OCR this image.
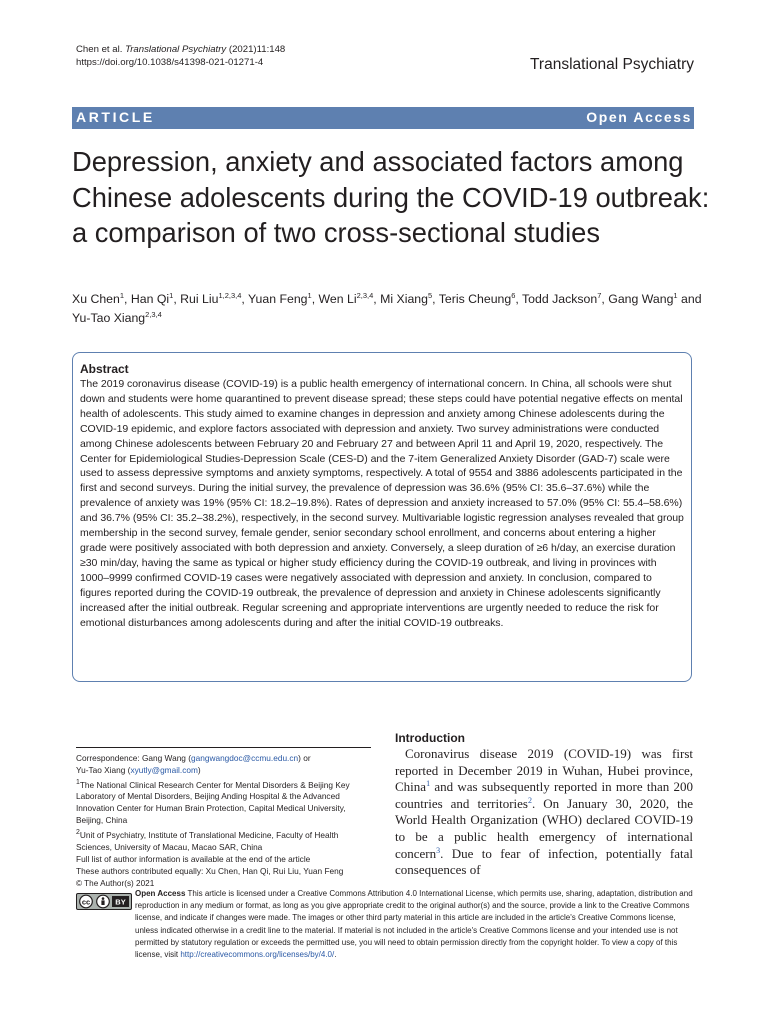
Chen et al. Translational Psychiatry (2021)11:148
https://doi.org/10.1038/s41398-021-01271-4	Translational Psychiatry
ARTICLE	Open Access
Depression, anxiety and associated factors among Chinese adolescents during the COVID-19 outbreak: a comparison of two cross-sectional studies
Xu Chen$^1$, Han Qi$^1$, Rui Liu$^{1,2,3,4}$, Yuan Feng$^1$, Wen Li$^{2,3,4}$, Mi Xiang$^5$, Teris Cheung$^6$, Todd Jackson$^7$, Gang Wang$^1$ and Yu-Tao Xiang$^{2,3,4}$
Abstract

The 2019 coronavirus disease (COVID-19) is a public health emergency of international concern. In China, all schools were shut down and students were home quarantined to prevent disease spread; these steps could have potential negative effects on mental health of adolescents. This study aimed to examine changes in depression and anxiety among Chinese adolescents during the COVID-19 epidemic, and explore factors associated with depression and anxiety. Two survey administrations were conducted among Chinese adolescents between February 20 and February 27 and between April 11 and April 19, 2020, respectively. The Center for Epidemiological Studies-Depression Scale (CES-D) and the 7-item Generalized Anxiety Disorder (GAD-7) scale were used to assess depressive symptoms and anxiety symptoms, respectively. A total of 9554 and 3886 adolescents participated in the first and second surveys. During the initial survey, the prevalence of depression was 36.6% (95% CI: 35.6–37.6%) while the prevalence of anxiety was 19% (95% CI: 18.2–19.8%). Rates of depression and anxiety increased to 57.0% (95% CI: 55.4–58.6%) and 36.7% (95% CI: 35.2–38.2%), respectively, in the second survey. Multivariable logistic regression analyses revealed that group membership in the second survey, female gender, senior secondary school enrollment, and concerns about entering a higher grade were positively associated with both depression and anxiety. Conversely, a sleep duration of ≥6 h/day, an exercise duration ≥30 min/day, having the same as typical or higher study efficiency during the COVID-19 outbreak, and living in provinces with 1000–9999 confirmed COVID-19 cases were negatively associated with depression and anxiety. In conclusion, compared to figures reported during the COVID-19 outbreak, the prevalence of depression and anxiety in Chinese adolescents significantly increased after the initial outbreak. Regular screening and appropriate interventions are urgently needed to reduce the risk for emotional disturbances among adolescents during and after the initial COVID-19 outbreaks.

Correspondence: Gang Wang (gangwangdoc@ccmu.edu.cn) or
Yu-Tao Xiang (xyutly@gmail.com)
$^1$The National Clinical Research Center for Mental Disorders & Beijing Key Laboratory of Mental Disorders, Beijing Anding Hospital & the Advanced Innovation Center for Human Brain Protection, Capital Medical University, Beijing, China
$^2$Unit of Psychiatry, Institute of Translational Medicine, Faculty of Health Sciences, University of Macau, Macao SAR, China
Full list of author information is available at the end of the article
These authors contributed equally: Xu Chen, Han Qi, Rui Liu, Yuan Feng
Introduction

Coronavirus disease 2019 (COVID-19) was first reported in December 2019 in Wuhan, Hubei province, China$^1$ and was subsequently reported in more than 200 countries and territories$^2$. On January 30, 2020, the World Health Organization (WHO) declared COVID-19 to be a public health emergency of international concern$^3$. Due to fear of infection, potentially fatal consequences of

© The Author(s) 2021
cc	BY
Open Access This article is licensed under a Creative Commons Attribution 4.0 International License, which permits use, sharing, adaptation, distribution and reproduction in any medium or format, as long as you give appropriate credit to the original author(s) and the source, provide a link to the Creative Commons license, and indicate if changes were made. The images or other third party material in this article are included in the article's Creative Commons license, unless indicated otherwise in a credit line to the material. If material is not included in the article's Creative Commons license and your intended use is not permitted by statutory regulation or exceeds the permitted use, you will need to obtain permission directly from the copyright holder. To view a copy of this license, visit http://creativecommons.org/licenses/by/4.0/.
